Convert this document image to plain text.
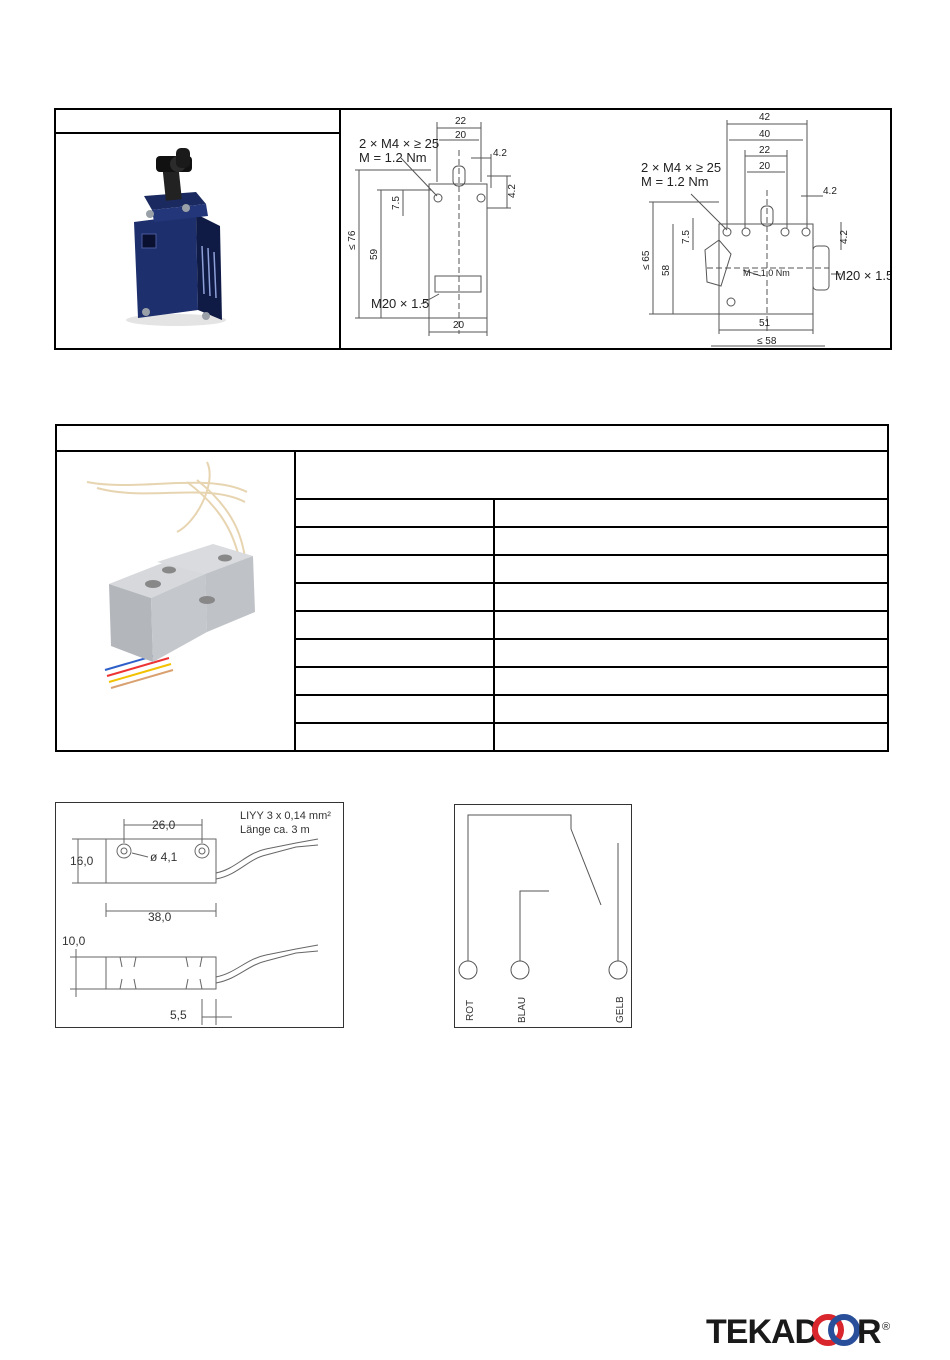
22
20
4.2
2 × M4 × ≥ 25
M = 1.2 Nm
≤ 76
59
7.5
4.2
M20 × 1.5
20
42
40
22
20
2 × M4 × ≥ 25
M = 1.2 Nm
4.2
≤ 65
58
7.5	4.2
M = 1.0 Nm	M20 × 1.5
51
≤ 58
LIYY 3 x 0,14 mm²
Länge ca. 3 m
26,0
16,0	ø 4,1
38,0
10,0
5,5	ROT	BLAU	GELB
TEKAD R ®
